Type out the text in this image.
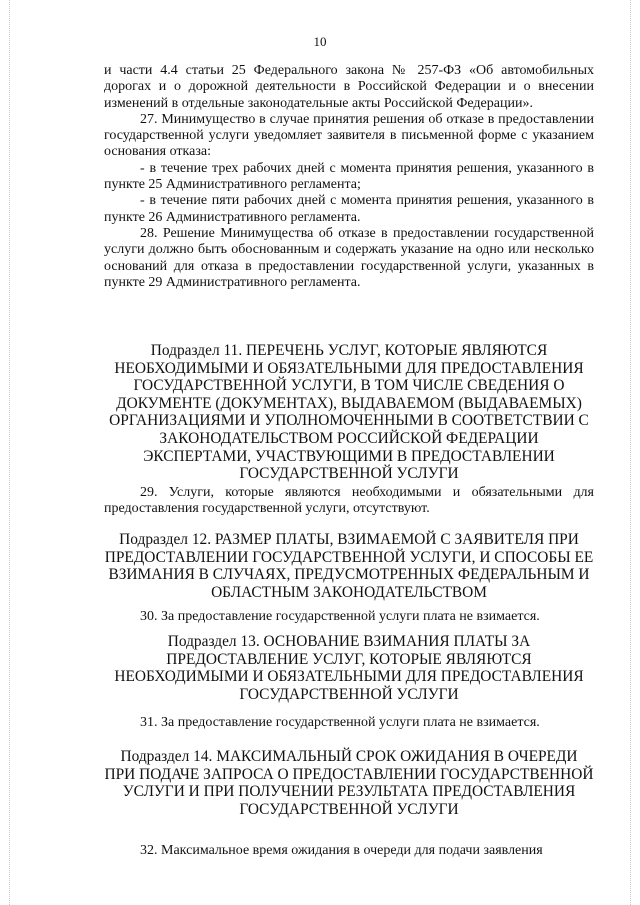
10

и части 4.4 статьи 25 Федерального закона № 257-ФЗ «Об автомобильных дорогах и о дорожной деятельности в Российской Федерации и о внесении изменений в отдельные законодательные акты Российской Федерации».

27. Минимущество в случае принятия решения об отказе в предоставлении государственной услуги уведомляет заявителя в письменной форме с указанием основания отказа:

- в течение трех рабочих дней с момента принятия решения, указанного в пункте 25 Административного регламента;

- в течение пяти рабочих дней с момента принятия решения, указанного в пункте 26 Административного регламента.

28. Решение Минимущества об отказе в предоставлении государственной услуги должно быть обоснованным и содержать указание на одно или несколько оснований для отказа в предоставлении государственной услуги, указанных в пункте 29 Административного регламента.

Подраздел 11. ПЕРЕЧЕНЬ УСЛУГ, КОТОРЫЕ ЯВЛЯЮТСЯ НЕОБХОДИМЫМИ И ОБЯЗАТЕЛЬНЫМИ ДЛЯ ПРЕДОСТАВЛЕНИЯ ГОСУДАРСТВЕННОЙ УСЛУГИ, В ТОМ ЧИСЛЕ СВЕДЕНИЯ О ДОКУМЕНТЕ (ДОКУМЕНТАХ), ВЫДАВАЕМОМ (ВЫДАВАЕМЫХ) ОРГАНИЗАЦИЯМИ И УПОЛНОМОЧЕННЫМИ В СООТВЕТСТВИИ С ЗАКОНОДАТЕЛЬСТВОМ РОССИЙСКОЙ ФЕДЕРАЦИИ ЭКСПЕРТАМИ, УЧАСТВУЮЩИМИ В ПРЕДОСТАВЛЕНИИ ГОСУДАРСТВЕННОЙ УСЛУГИ

29. Услуги, которые являются необходимыми и обязательными для предоставления государственной услуги, отсутствуют.

Подраздел 12. РАЗМЕР ПЛАТЫ, ВЗИМАЕМОЙ С ЗАЯВИТЕЛЯ ПРИ ПРЕДОСТАВЛЕНИИ ГОСУДАРСТВЕННОЙ УСЛУГИ, И СПОСОБЫ ЕЕ ВЗИМАНИЯ В СЛУЧАЯХ, ПРЕДУСМОТРЕННЫХ ФЕДЕРАЛЬНЫМ И ОБЛАСТНЫМ ЗАКОНОДАТЕЛЬСТВОМ

30. За предоставление государственной услуги плата не взимается.

Подраздел 13. ОСНОВАНИЕ ВЗИМАНИЯ ПЛАТЫ ЗА ПРЕДОСТАВЛЕНИЕ УСЛУГ, КОТОРЫЕ ЯВЛЯЮТСЯ НЕОБХОДИМЫМИ И ОБЯЗАТЕЛЬНЫМИ ДЛЯ ПРЕДОСТАВЛЕНИЯ ГОСУДАРСТВЕННОЙ УСЛУГИ

31. За предоставление государственной услуги плата не взимается.

Подраздел 14. МАКСИМАЛЬНЫЙ СРОК ОЖИДАНИЯ В ОЧЕРЕДИ ПРИ ПОДАЧЕ ЗАПРОСА О ПРЕДОСТАВЛЕНИИ ГОСУДАРСТВЕННОЙ УСЛУГИ И ПРИ ПОЛУЧЕНИИ РЕЗУЛЬТАТА ПРЕДОСТАВЛЕНИЯ ГОСУДАРСТВЕННОЙ УСЛУГИ

32. Максимальное время ожидания в очереди для подачи заявления
